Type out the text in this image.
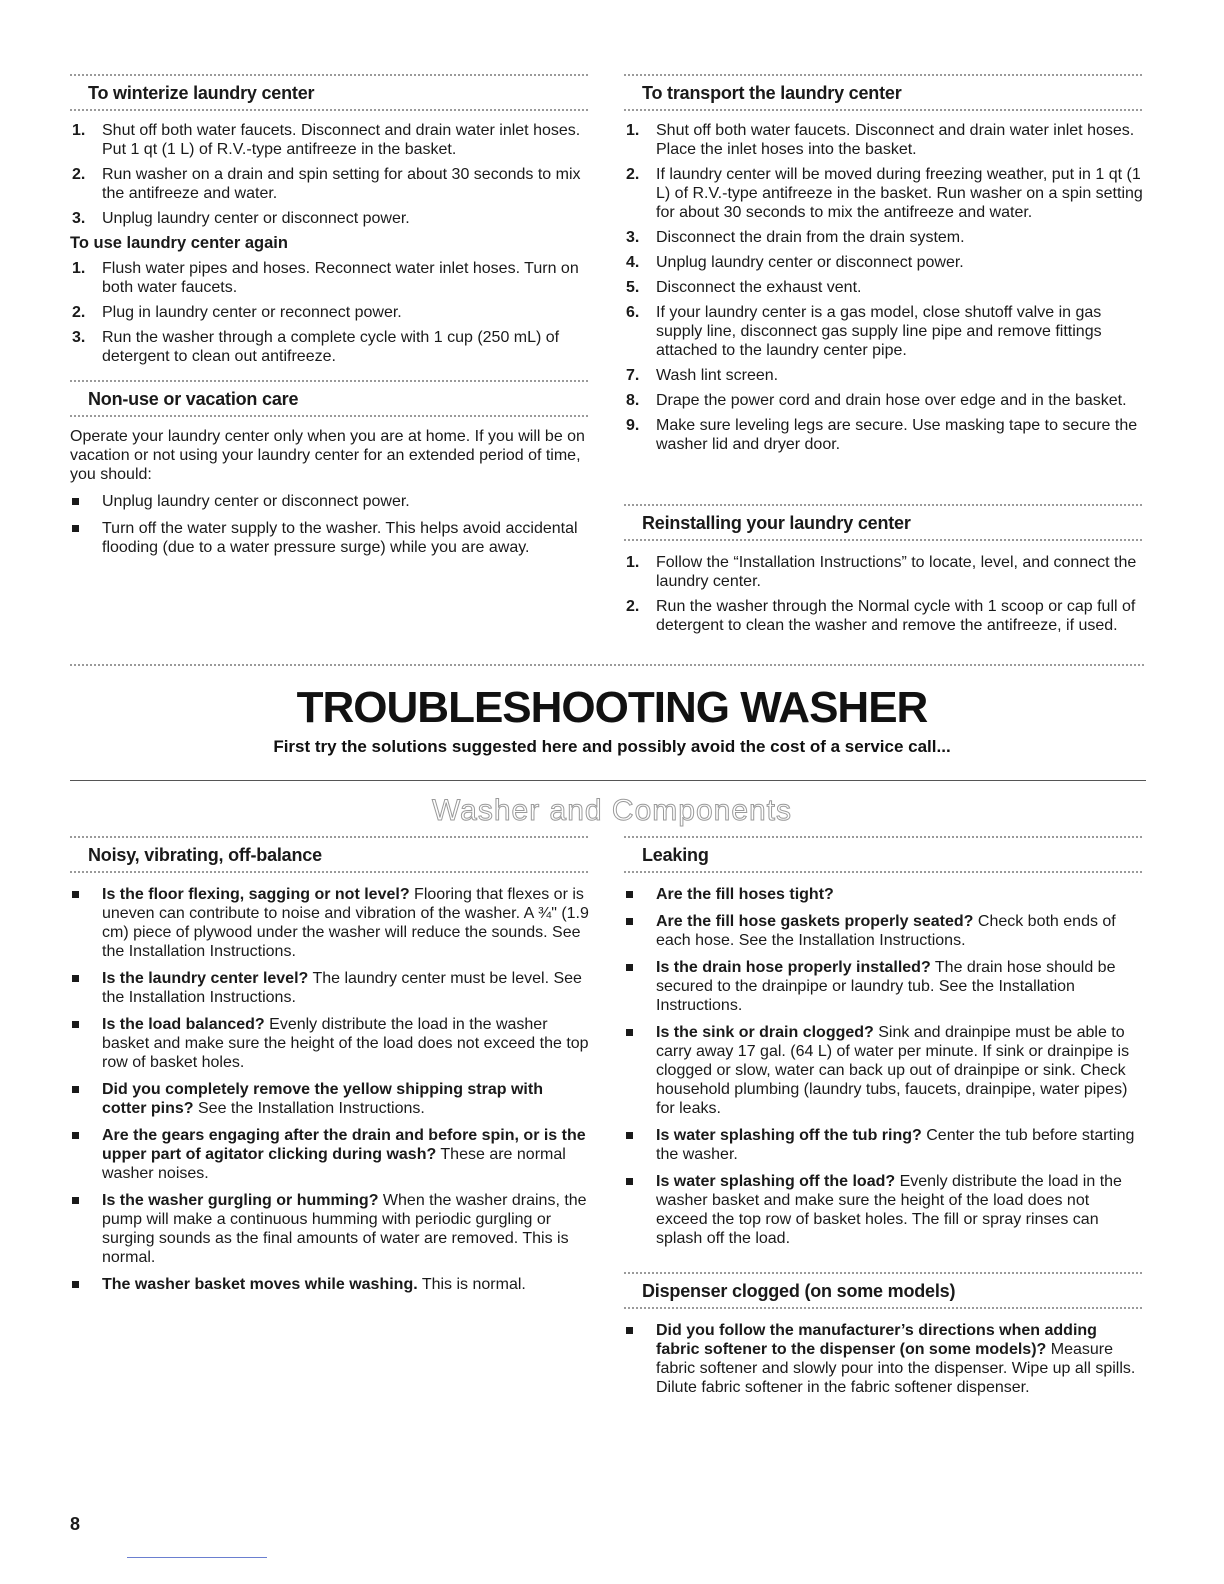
To winterize laundry center
1. Shut off both water faucets. Disconnect and drain water inlet hoses. Put 1 qt (1 L) of R.V.-type antifreeze in the basket.
2. Run washer on a drain and spin setting for about 30 seconds to mix the antifreeze and water.
3. Unplug laundry center or disconnect power.
To use laundry center again
1. Flush water pipes and hoses. Reconnect water inlet hoses. Turn on both water faucets.
2. Plug in laundry center or reconnect power.
3. Run the washer through a complete cycle with 1 cup (250 mL) of detergent to clean out antifreeze.
Non-use or vacation care
Operate your laundry center only when you are at home. If you will be on vacation or not using your laundry center for an extended period of time, you should:
Unplug laundry center or disconnect power.
Turn off the water supply to the washer. This helps avoid accidental flooding (due to a water pressure surge) while you are away.
To transport the laundry center
1. Shut off both water faucets. Disconnect and drain water inlet hoses. Place the inlet hoses into the basket.
2. If laundry center will be moved during freezing weather, put in 1 qt (1 L) of R.V.-type antifreeze in the basket. Run washer on a spin setting for about 30 seconds to mix the antifreeze and water.
3. Disconnect the drain from the drain system.
4. Unplug laundry center or disconnect power.
5. Disconnect the exhaust vent.
6. If your laundry center is a gas model, close shutoff valve in gas supply line, disconnect gas supply line pipe and remove fittings attached to the laundry center pipe.
7. Wash lint screen.
8. Drape the power cord and drain hose over edge and in the basket.
9. Make sure leveling legs are secure. Use masking tape to secure the washer lid and dryer door.
Reinstalling your laundry center
1. Follow the “Installation Instructions” to locate, level, and connect the laundry center.
2. Run the washer through the Normal cycle with 1 scoop or cap full of detergent to clean the washer and remove the antifreeze, if used.
TROUBLESHOOTING WASHER
First try the solutions suggested here and possibly avoid the cost of a service call...
Washer and Components
Noisy, vibrating, off-balance
Is the floor flexing, sagging or not level? Flooring that flexes or is uneven can contribute to noise and vibration of the washer. A ¾" (1.9 cm) piece of plywood under the washer will reduce the sounds. See the Installation Instructions.
Is the laundry center level? The laundry center must be level. See the Installation Instructions.
Is the load balanced? Evenly distribute the load in the washer basket and make sure the height of the load does not exceed the top row of basket holes.
Did you completely remove the yellow shipping strap with cotter pins? See the Installation Instructions.
Are the gears engaging after the drain and before spin, or is the upper part of agitator clicking during wash? These are normal washer noises.
Is the washer gurgling or humming? When the washer drains, the pump will make a continuous humming with periodic gurgling or surging sounds as the final amounts of water are removed. This is normal.
The washer basket moves while washing. This is normal.
Leaking
Are the fill hoses tight?
Are the fill hose gaskets properly seated? Check both ends of each hose. See the Installation Instructions.
Is the drain hose properly installed? The drain hose should be secured to the drainpipe or laundry tub. See the Installation Instructions.
Is the sink or drain clogged? Sink and drainpipe must be able to carry away 17 gal. (64 L) of water per minute. If sink or drainpipe is clogged or slow, water can back up out of drainpipe or sink. Check household plumbing (laundry tubs, faucets, drainpipe, water pipes) for leaks.
Is water splashing off the tub ring? Center the tub before starting the washer.
Is water splashing off the load? Evenly distribute the load in the washer basket and make sure the height of the load does not exceed the top row of basket holes. The fill or spray rinses can splash off the load.
Dispenser clogged (on some models)
Did you follow the manufacturer’s directions when adding fabric softener to the dispenser (on some models)? Measure fabric softener and slowly pour into the dispenser. Wipe up all spills. Dilute fabric softener in the fabric softener dispenser.
8
